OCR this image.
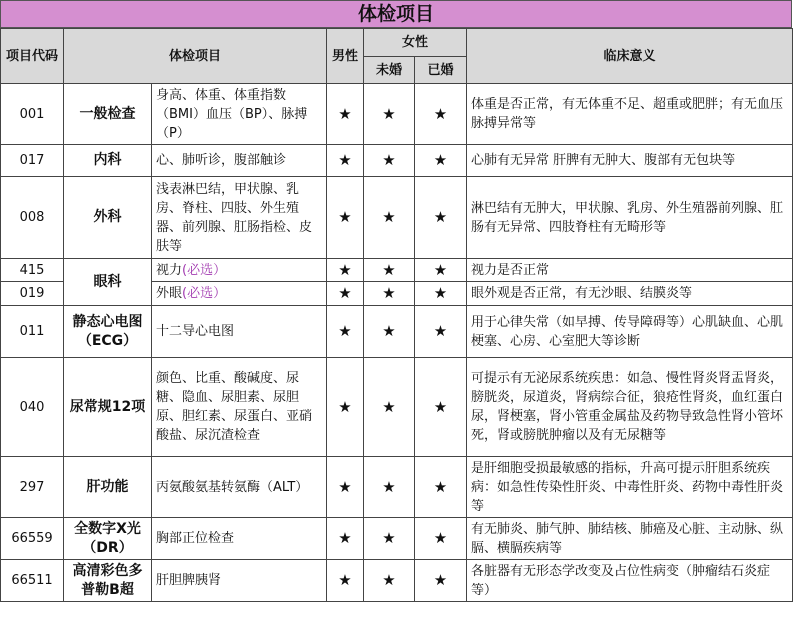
体检项目
项目代码	体检项目		男性	女性		临床意义
				未婚	已婚	
001	一般检查	身高、体重、体重指数（BMI）血压（BP）、脉搏（P）	★	★	★	体重是否正常，有无体重不足、超重或肥胖；有无血压脉搏异常等
017	内科	心、肺听诊，腹部触诊	★	★	★	心肺有无异常 肝脾有无肿大、腹部有无包块等
008	外科	浅表淋巴结，甲状腺、乳房、脊柱、四肢、外生殖器、前列腺、肛肠指检、皮肤等	★	★	★	淋巴结有无肿大，甲状腺、乳房、外生殖器前列腺、肛肠有无异常、四肢脊柱有无畸形等
415	眼科	视力(必选）	★	★	★	视力是否正常
019		外眼(必选）	★	★	★	眼外观是否正常，有无沙眼、结膜炎等
011	静态心电图（ECG）	十二导心电图	★	★	★	用于心律失常（如早搏、传导障碍等）心肌缺血、心肌梗塞、心房、心室肥大等诊断
040	尿常规12项	颜色、比重、酸碱度、尿糖、隐血、尿胆素、尿胆原、胆红素、尿蛋白、亚硝酸盐、尿沉渣检查	★	★	★	可提示有无泌尿系统疾患：如急、慢性肾炎肾盂肾炎，膀胱炎，尿道炎，肾病综合征，狼疮性肾炎，血红蛋白尿，肾梗塞，肾小管重金属盐及药物导致急性肾小管坏死，肾或膀胱肿瘤以及有无尿糖等
297	肝功能	丙氨酸氨基转氨酶（ALT）	★	★	★	是肝细胞受损最敏感的指标，升高可提示肝胆系统疾病：如急性传染性肝炎、中毒性肝炎、药物中毒性肝炎等
66559	全数字X光（DR）	胸部正位检查	★	★	★	有无肺炎、肺气肿、肺结核、肺癌及心脏、主动脉、纵膈、横膈疾病等
66511	高清彩色多普勒B超	肝胆脾胰肾	★	★	★	各脏器有无形态学改变及占位性病变（肿瘤结石炎症等）
